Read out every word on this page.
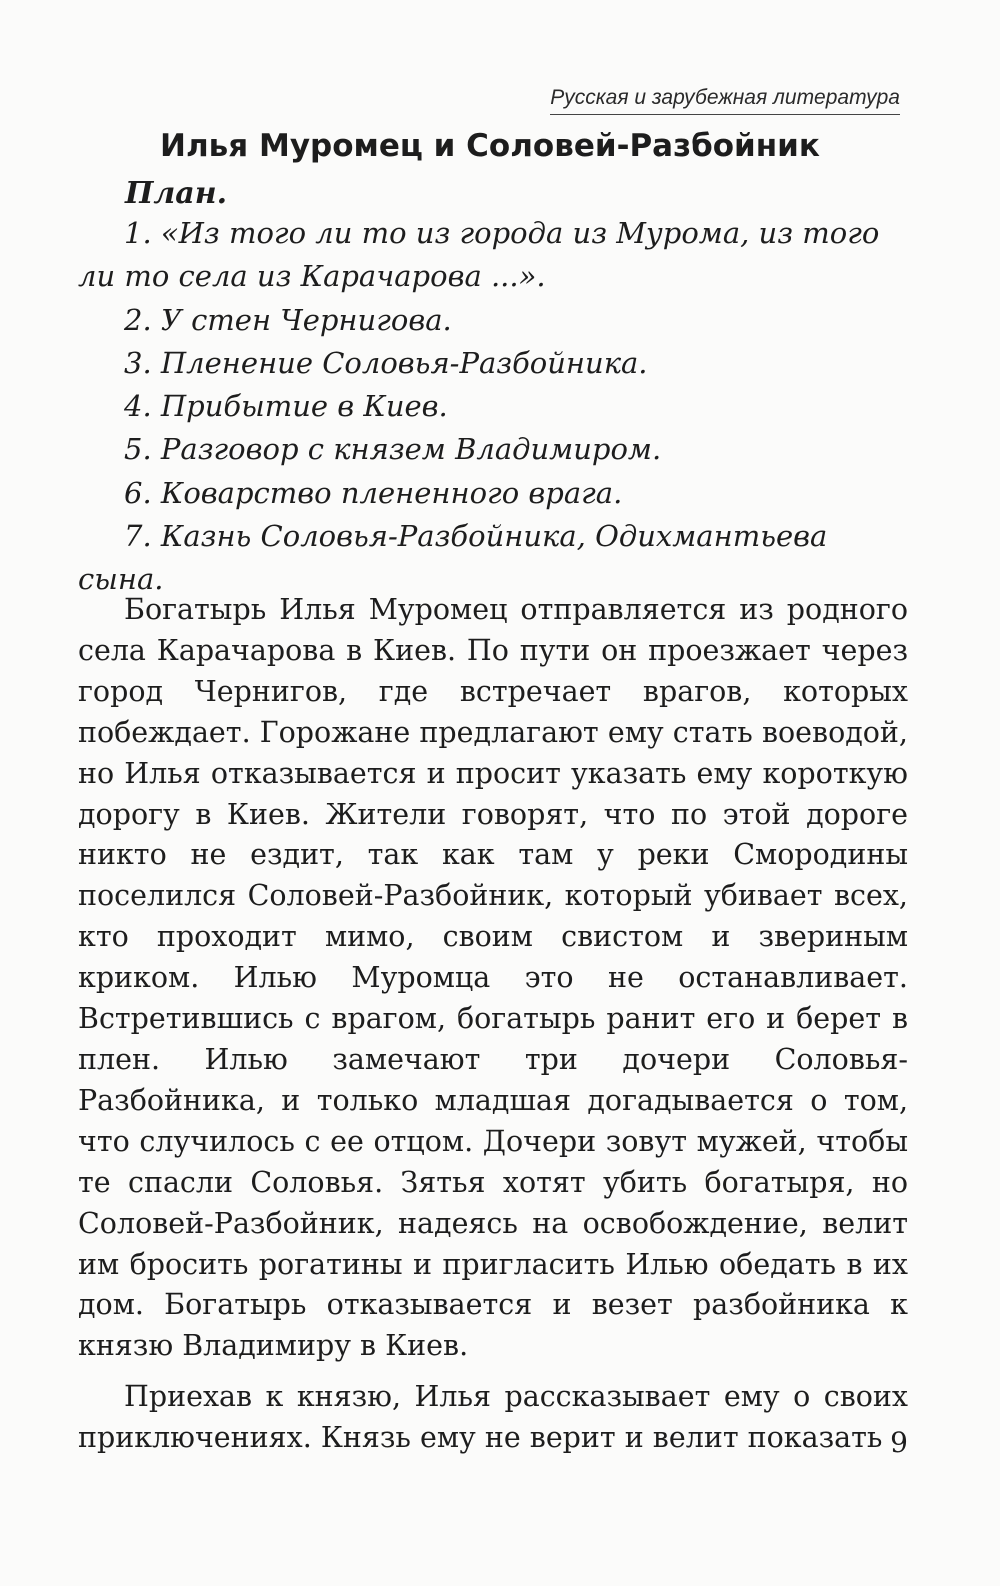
Русская и зарубежная литература
Илья Муромец и Соловей-Разбойник
План.
1. «Из того ли то из города из Мурома, из того ли то села из Карачарова ...».
2. У стен Чернигова.
3. Пленение Соловья-Разбойника.
4. Прибытие в Киев.
5. Разговор с князем Владимиром.
6. Коварство плененного врага.
7. Казнь Соловья-Разбойника, Одихмантьева сына.

Богатырь Илья Муромец отправляется из родного села Карачарова в Киев. По пути он проезжает через город Чернигов, где встречает врагов, которых побеждает. Горожане предлагают ему стать воеводой, но Илья отказывается и просит указать ему короткую дорогу в Киев. Жители говорят, что по этой дороге никто не ездит, так как там у реки Смородины поселился Соловей-Разбойник, который убивает всех, кто проходит мимо, своим свистом и звериным криком. Илью Муромца это не останавливает. Встретившись с врагом, богатырь ранит его и берет в плен. Илью замечают три дочери Соловья-Разбойника, и только младшая догадывается о том, что случилось с ее отцом. Дочери зовут мужей, чтобы те спасли Соловья. Зятья хотят убить богатыря, но Соловей-Разбойник, надеясь на освобождение, велит им бросить рогатины и пригласить Илью обедать в их дом. Богатырь отказывается и везет разбойника к князю Владимиру в Киев.

Приехав к князю, Илья рассказывает ему о своих приключениях. Князь ему не верит и велит показать 9
